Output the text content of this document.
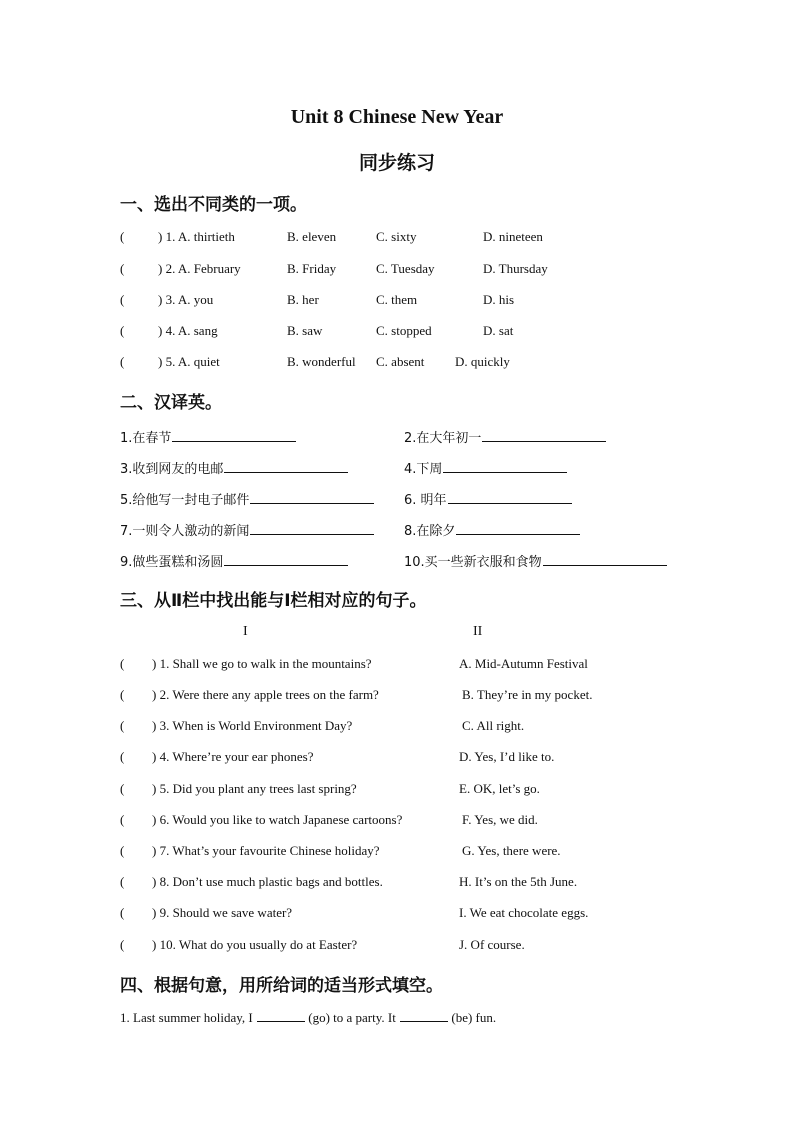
Unit 8 Chinese New Year
同步练习
一、选出不同类的一项。
(	) 1. A. thirtieth	B. eleven	C. sixty	D. nineteen
(	) 2. A. February	B. Friday	C. Tuesday	D. Thursday
(	) 3. A. you	B. her	C. them	D. his
(	) 4. A. sang	B. saw	C. stopped	D. sat
(	) 5. A. quiet	B. wonderful C. absent D. quickly
二、汉译英。
1.在春节	2.在大年初一
3.收到网友的电邮	4.下周
5.给他写一封电子邮件	6. 明年
7.一则令人激动的新闻	8.在除夕
9.做些蛋糕和汤圆	10.买一些新衣服和食物
三、从Ⅱ栏中找出能与Ⅰ栏相对应的句子。
I	II
( ) 1. Shall we go to walk in the mountains?	A. Mid-Autumn Festival
( ) 2. Were there any apple trees on the farm?	B. They’re in my pocket.
( ) 3. When is World Environment Day?	C. All right.
( ) 4. Where’re your ear phones?	D. Yes, I’d like to.
( ) 5. Did you plant any trees last spring?	E. OK, let’s go.
( ) 6. Would you like to watch Japanese cartoons?	F. Yes, we did.
( ) 7. What’s your favourite Chinese holiday?	G. Yes, there were.
( ) 8. Don’t use much plastic bags and bottles.	H. It’s on the 5th June.
( ) 9. Should we save water?	I. We eat chocolate eggs.
( ) 10. What do you usually do at Easter?	J. Of course.
四、根据句意，用所给词的适当形式填空。
1. Last summer holiday, I	(go) to a party. It	(be) fun.
